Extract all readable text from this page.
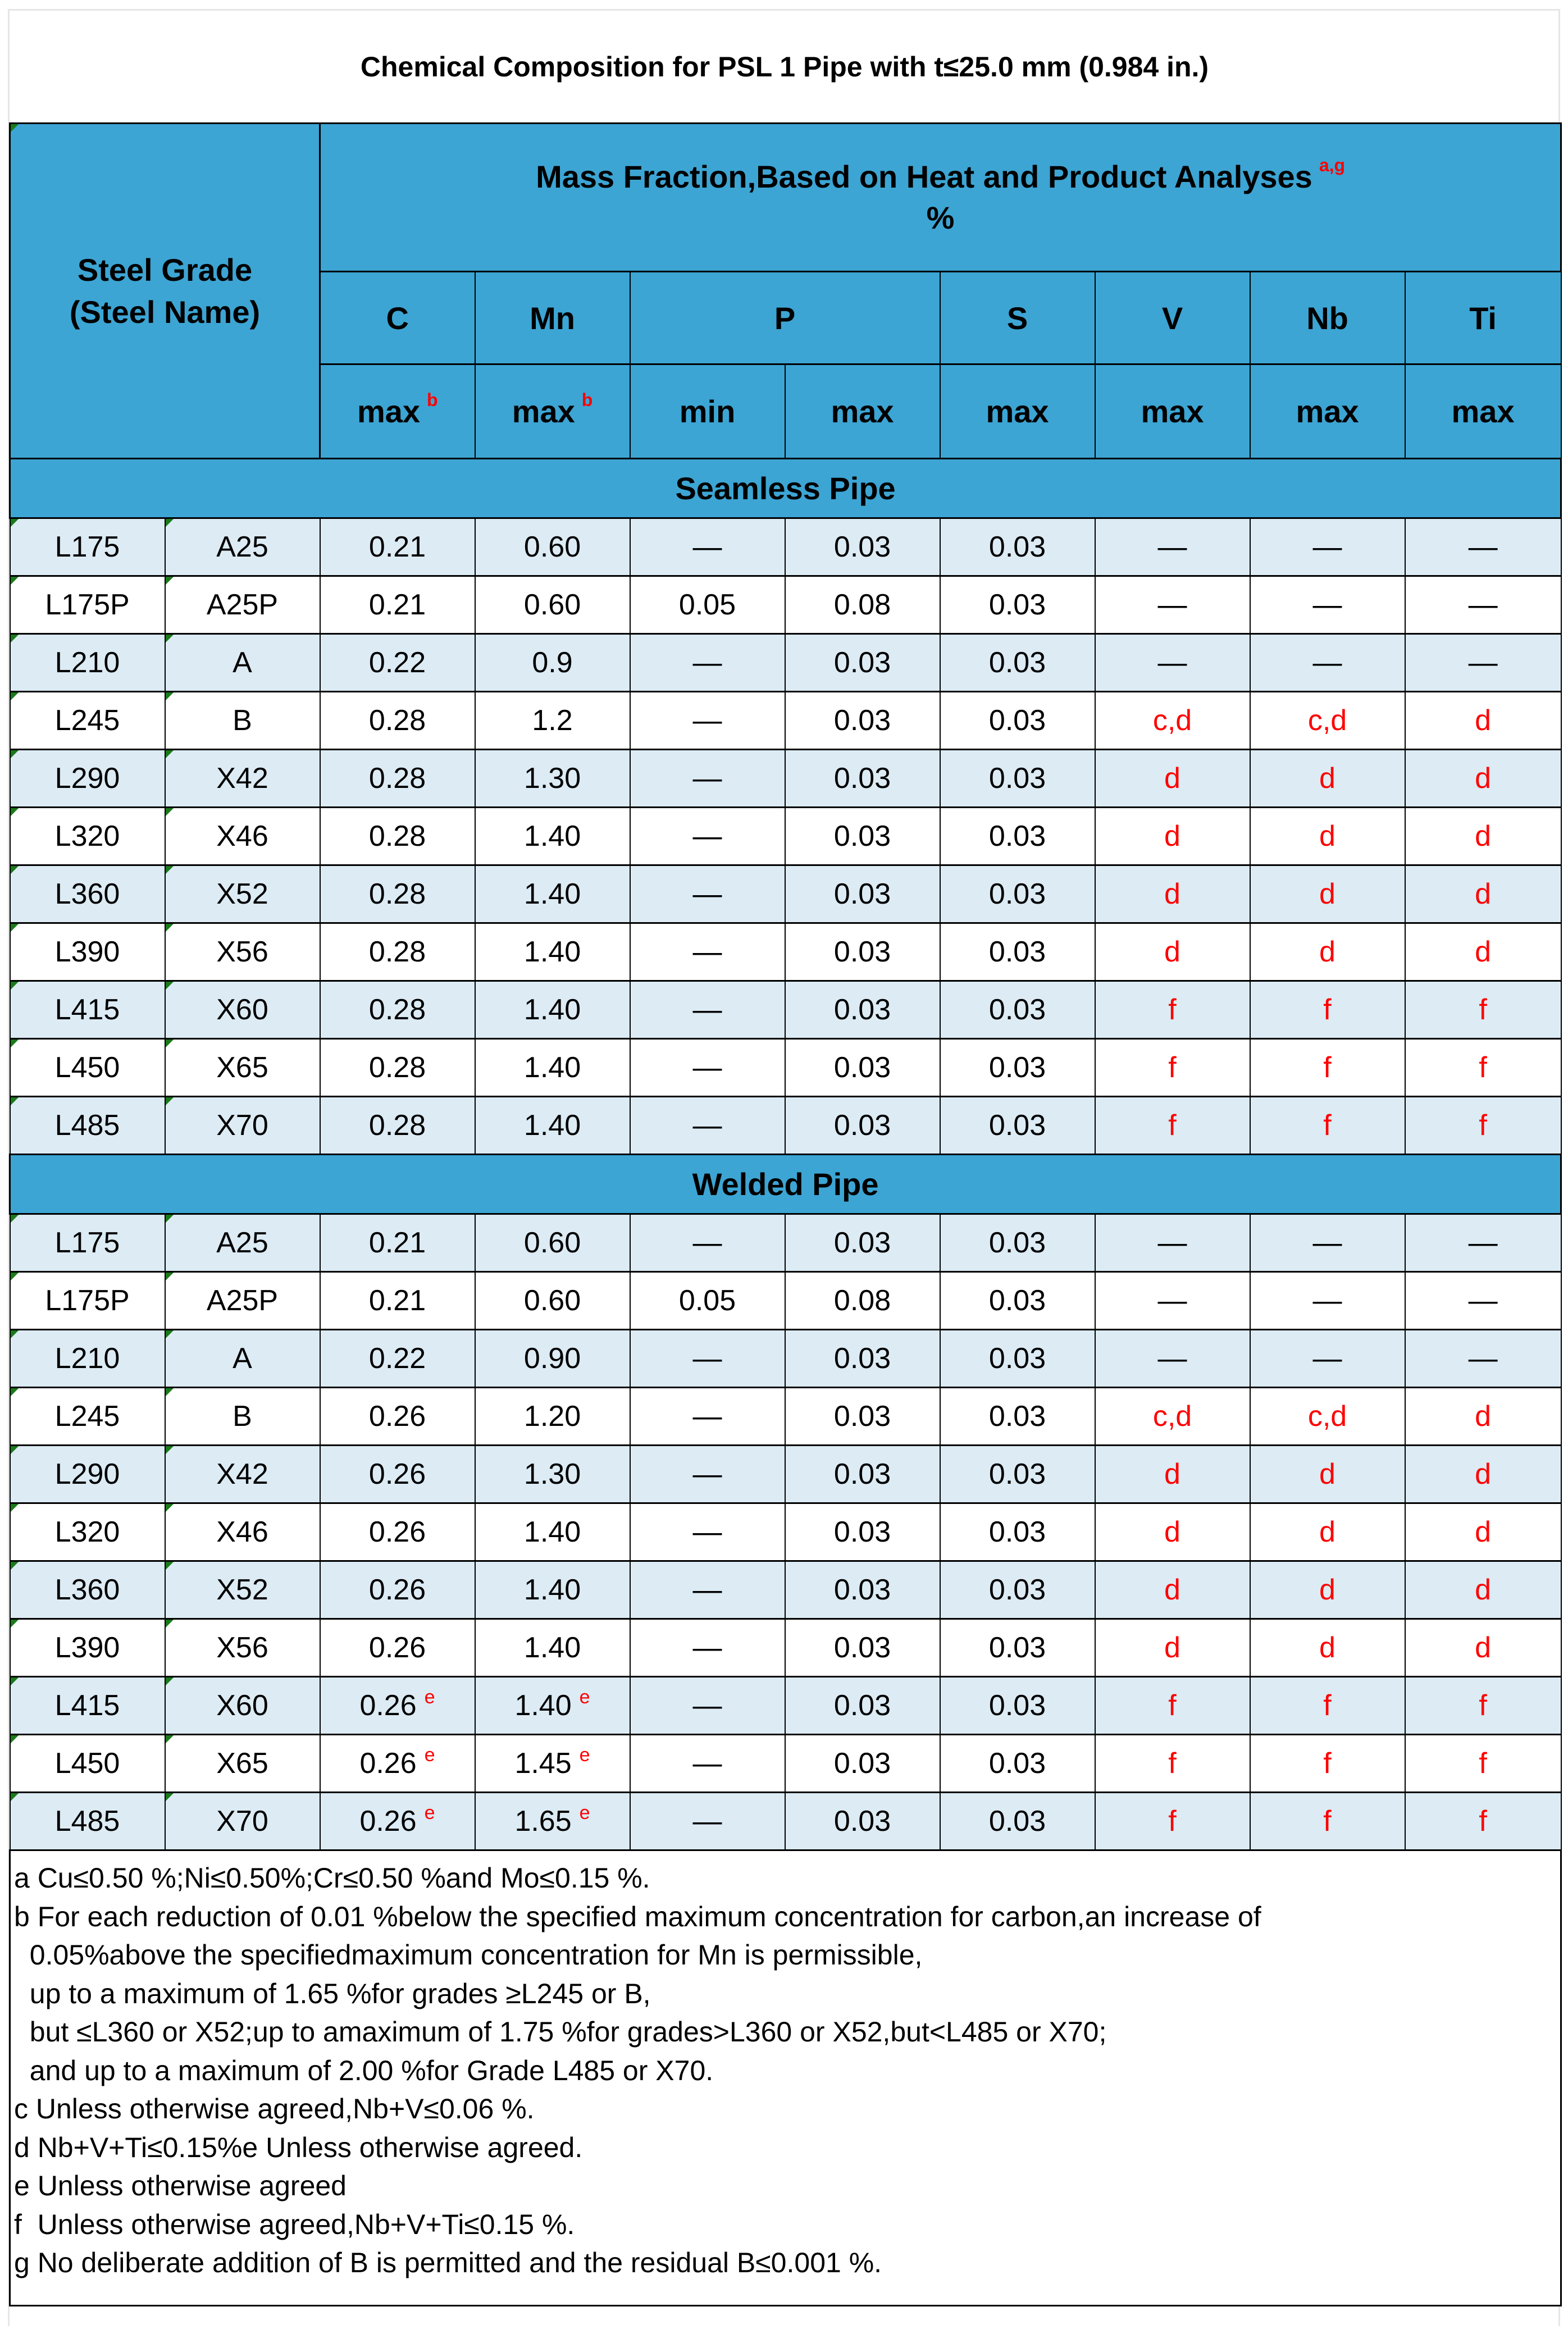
Chemical Composition for PSL 1 Pipe with t≤25.0 mm (0.984 in.)
Steel Grade
(Steel Name)

Mass Fraction,Based on Heat and Product Analyses $^{a,g}$
%

		C	Mn	P		S	V	Nb	Ti
		max $^b$	max $^b$	min	max	max	max	max	max
Seamless Pipe									
L175	A25	0.21	0.60	—	0.03	0.03	—	—	—
L175P	A25P	0.21	0.60	0.05	0.08	0.03	—	—	—
L210	A	0.22	0.9	—	0.03	0.03	—	—	—
L245	B	0.28	1.2	—	0.03	0.03	c,d	c,d	d
L290	X42	0.28	1.30	—	0.03	0.03	d	d	d
L320	X46	0.28	1.40	—	0.03	0.03	d	d	d
L360	X52	0.28	1.40	—	0.03	0.03	d	d	d
L390	X56	0.28	1.40	—	0.03	0.03	d	d	d
L415	X60	0.28	1.40	—	0.03	0.03	f	f	f
L450	X65	0.28	1.40	—	0.03	0.03	f	f	f
L485	X70	0.28	1.40	—	0.03	0.03	f	f	f
Welded Pipe									
L175	A25	0.21	0.60	—	0.03	0.03	—	—	—
L175P	A25P	0.21	0.60	0.05	0.08	0.03	—	—	—
L210	A	0.22	0.90	—	0.03	0.03	—	—	—
L245	B	0.26	1.20	—	0.03	0.03	c,d	c,d	d
L290	X42	0.26	1.30	—	0.03	0.03	d	d	d
L320	X46	0.26	1.40	—	0.03	0.03	d	d	d
L360	X52	0.26	1.40	—	0.03	0.03	d	d	d
L390	X56	0.26	1.40	—	0.03	0.03	d	d	d
L415	X60	0.26 $^e$	1.40 $^e$	—	0.03	0.03	f	f	f
L450	X65	0.26 $^e$	1.45 $^e$	—	0.03	0.03	f	f	f
L485	X70	0.26 $^e$	1.65 $^e$	—	0.03	0.03	f	f	f

a Cu≤0.50 %;Ni≤0.50%;Cr≤0.50 %and Mo≤0.15 %.
b For each reduction of 0.01 %below the specified maximum concentration for carbon,an increase of
0.05%above the specifiedmaximum concentration for Mn is permissible,
up to a maximum of 1.65 %for grades ≥L245 or B,
but ≤L360 or X52;up to amaximum of 1.75 %for grades>L360 or X52,but<L485 or X70;
and up to a maximum of 2.00 %for Grade L485 or X70.
c Unless otherwise agreed,Nb+V≤0.06 %.
d Nb+V+Ti≤0.15%e Unless otherwise agreed.
e Unless otherwise agreed
f  Unless otherwise agreed,Nb+V+Ti≤0.15 %.
g No deliberate addition of B is permitted and the residual B≤0.001 %.
